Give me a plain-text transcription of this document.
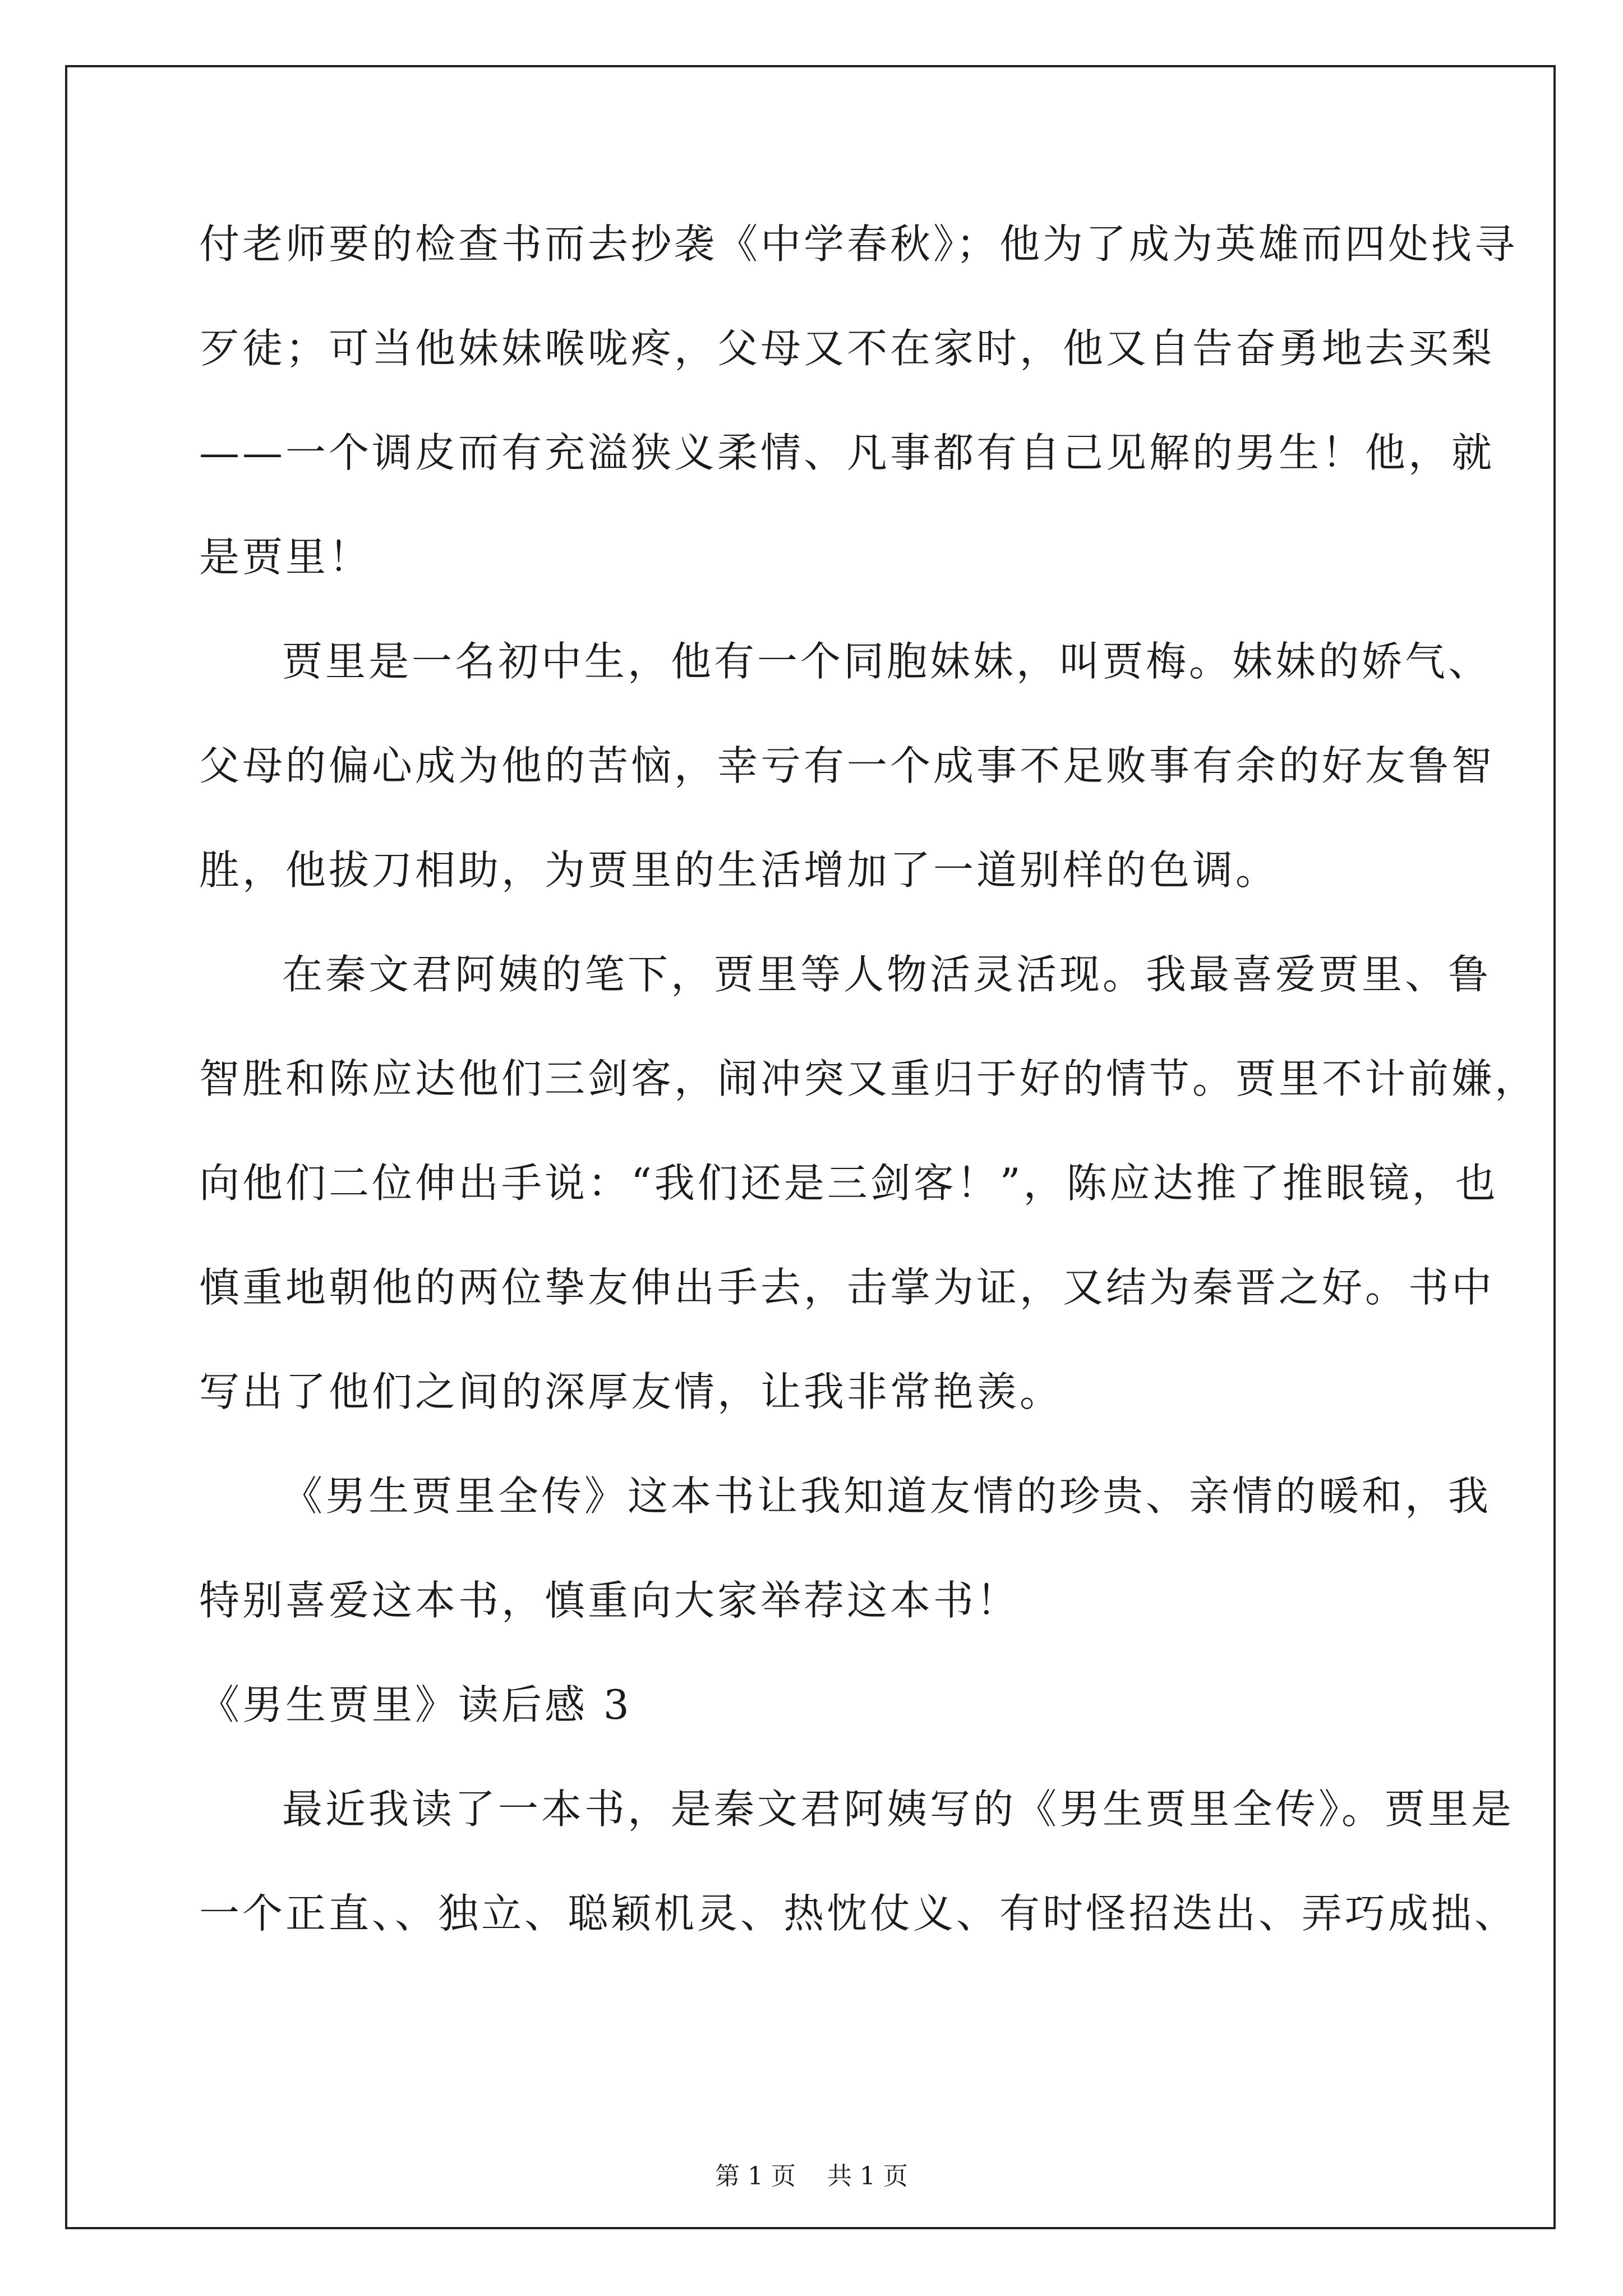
付老师要的检查书而去抄袭《中学春秋》；他为了成为英雄而四处找寻
歹徒；可当他妹妹喉咙疼，父母又不在家时，他又自告奋勇地去买梨
——一个调皮而有充溢狭义柔情、凡事都有自己见解的男生！他，就
是贾里！
贾里是一名初中生，他有一个同胞妹妹，叫贾梅。妹妹的娇气、
父母的偏心成为他的苦恼，幸亏有一个成事不足败事有余的好友鲁智
胜，他拔刀相助，为贾里的生活增加了一道别样的色调。
在秦文君阿姨的笔下，贾里等人物活灵活现。我最喜爱贾里、鲁
智胜和陈应达他们三剑客，闹冲突又重归于好的情节。贾里不计前嫌，
向他们二位伸出手说：“我们还是三剑客！”，陈应达推了推眼镜，也
慎重地朝他的两位挚友伸出手去，击掌为证，又结为秦晋之好。书中
写出了他们之间的深厚友情，让我非常艳羡。
《男生贾里全传》这本书让我知道友情的珍贵、亲情的暖和，我
特别喜爱这本书，慎重向大家举荐这本书！
《男生贾里》读后感 3
最近我读了一本书，是秦文君阿姨写的《男生贾里全传》。贾里是
一个正直、、独立、聪颖机灵、热忱仗义、有时怪招迭出、弄巧成拙、
第 1 页    共 1 页
